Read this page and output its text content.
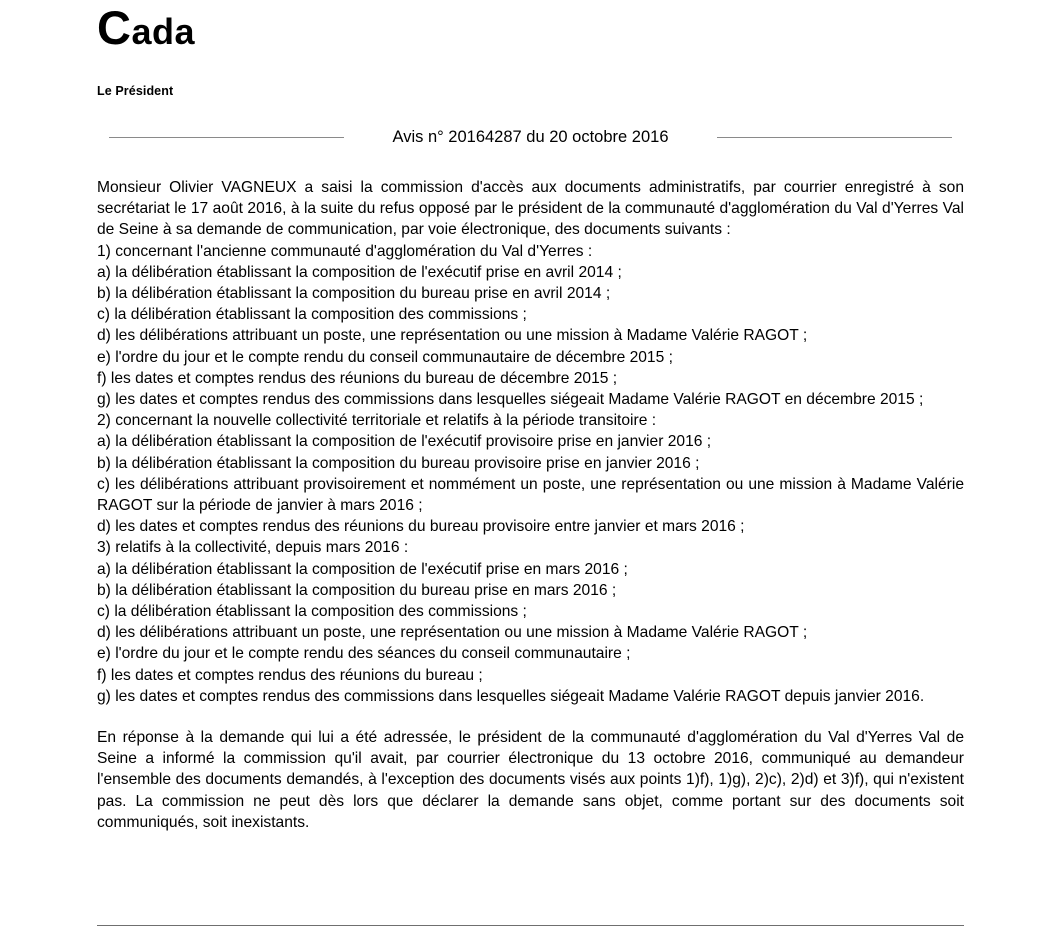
Cada
Le Président
Avis n° 20164287 du 20 octobre 2016

Monsieur Olivier VAGNEUX a saisi la commission d'accès aux documents administratifs, par courrier enregistré à son secrétariat le 17 août 2016, à la suite du refus opposé par le président de la communauté d'agglomération du Val d'Yerres Val de Seine à sa demande de communication, par voie électronique, des documents suivants :
1) concernant l'ancienne communauté d'agglomération du Val d'Yerres :
a) la délibération établissant la composition de l'exécutif prise en avril 2014 ;
b) la délibération établissant la composition du bureau prise en avril 2014 ;
c) la délibération établissant la composition des commissions ;
d) les délibérations attribuant un poste, une représentation ou une mission à Madame Valérie RAGOT ;
e) l'ordre du jour et le compte rendu du conseil communautaire de décembre 2015 ;
f) les dates et comptes rendus des réunions du bureau de décembre 2015 ;
g) les dates et comptes rendus des commissions dans lesquelles siégeait Madame Valérie RAGOT en décembre 2015 ;
2) concernant la nouvelle collectivité territoriale et relatifs à la période transitoire :
a) la délibération établissant la composition de l'exécutif provisoire prise en janvier 2016 ;
b) la délibération établissant la composition du bureau provisoire prise en janvier 2016 ;
c) les délibérations attribuant provisoirement et nommément un poste, une représentation ou une mission à Madame Valérie RAGOT sur la période de janvier à mars 2016 ;
d) les dates et comptes rendus des réunions du bureau provisoire entre janvier et mars 2016 ;
3) relatifs à la collectivité, depuis mars 2016 :
a) la délibération établissant la composition de l'exécutif prise en mars 2016 ;
b) la délibération établissant la composition du bureau prise en mars 2016 ;
c) la délibération établissant la composition des commissions ;
d) les délibérations attribuant un poste, une représentation ou une mission à Madame Valérie RAGOT ;
e) l'ordre du jour et le compte rendu des séances du conseil communautaire ;
f) les dates et comptes rendus des réunions du bureau ;
g) les dates et comptes rendus des commissions dans lesquelles siégeait Madame Valérie RAGOT depuis janvier 2016.

En réponse à la demande qui lui a été adressée, le président de la communauté d'agglomération du Val d'Yerres Val de Seine a informé la commission qu'il avait, par courrier électronique du 13 octobre 2016, communiqué au demandeur l'ensemble des documents demandés, à l'exception des documents visés aux points 1)f), 1)g), 2)c), 2)d) et 3)f), qui n'existent pas. La commission ne peut dès lors que déclarer la demande sans objet, comme portant sur des documents soit communiqués, soit inexistants.
